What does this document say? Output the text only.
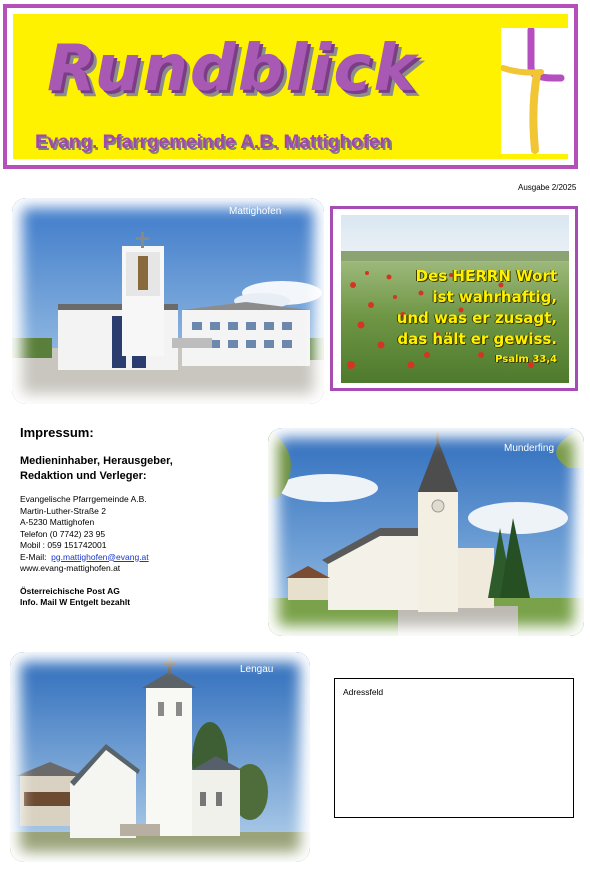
Rundblick
Evang. Pfarrgemeinde A.B. Mattighofen
Ausgabe 2/2025
Mattighofen
Des HERRN Wort
ist wahrhaftig,
und was er zusagt,
das hält er gewiss.
Psalm 33,4
Impressum:
Medieninhaber, Herausgeber,
Redaktion und Verleger:
Evangelische Pfarrgemeinde A.B.
Martin-Luther-Straße 2
A-5230 Mattighofen
Telefon (0 7742) 23 95
Mobil : 059 151742001
E-Mail:  pg.mattighofen@evang.at
www.evang-mattighofen.at
Österreichische Post AG
Info. Mail W Entgelt bezahlt
Munderfing
Lengau
Adressfeld
